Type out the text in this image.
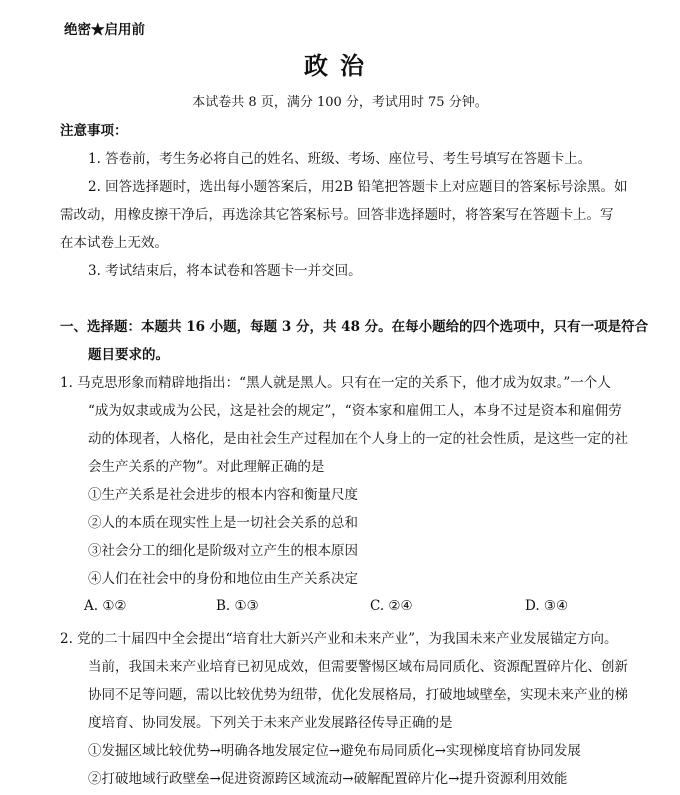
绝密★启用前
政治
本试卷共 8 页，满分 100 分，考试用时 75 分钟。
注意事项：
1. 答卷前，考生务必将自己的姓名、班级、考场、座位号、考生号填写在答题卡上。
2. 回答选择题时，选出每小题答案后，用2B 铅笔把答题卡上对应题目的答案标号涂黑。如
需改动，用橡皮擦干净后，再选涂其它答案标号。回答非选择题时，将答案写在答题卡上。写
在本试卷上无效。
3. 考试结束后，将本试卷和答题卡一并交回。
一、选择题：本题共 16 小题，每题 3 分，共 48 分。在每小题给的四个选项中，只有一项是符合
题目要求的。
1. 马克思形象而精辟地指出：“黑人就是黑人。只有在一定的关系下，他才成为奴隶。”一个人
“成为奴隶或成为公民，这是社会的规定”，“资本家和雇佣工人，本身不过是资本和雇佣劳
动的体现者，人格化，是由社会生产过程加在个人身上的一定的社会性质，是这些一定的社
会生产关系的产物”。对此理解正确的是
①生产关系是社会进步的根本内容和衡量尺度
②人的本质在现实性上是一切社会关系的总和
③社会分工的细化是阶级对立产生的根本原因
④人们在社会中的身份和地位由生产关系决定
A. ①②	B. ①③	C. ②④	D. ③④
2. 党的二十届四中全会提出“培育壮大新兴产业和未来产业”，为我国未来产业发展锚定方向。
当前，我国未来产业培育已初见成效，但需要警惕区域布局同质化、资源配置碎片化、创新
协同不足等问题，需以比较优势为纽带，优化发展格局，打破地域壁垒，实现未来产业的梯
度培育、协同发展。下列关于未来产业发展路径传导正确的是
①发掘区域比较优势→明确各地发展定位→避免布局同质化→实现梯度培育协同发展
②打破地域行政壁垒→促进资源跨区域流动→破解配置碎片化→提升资源利用效能
